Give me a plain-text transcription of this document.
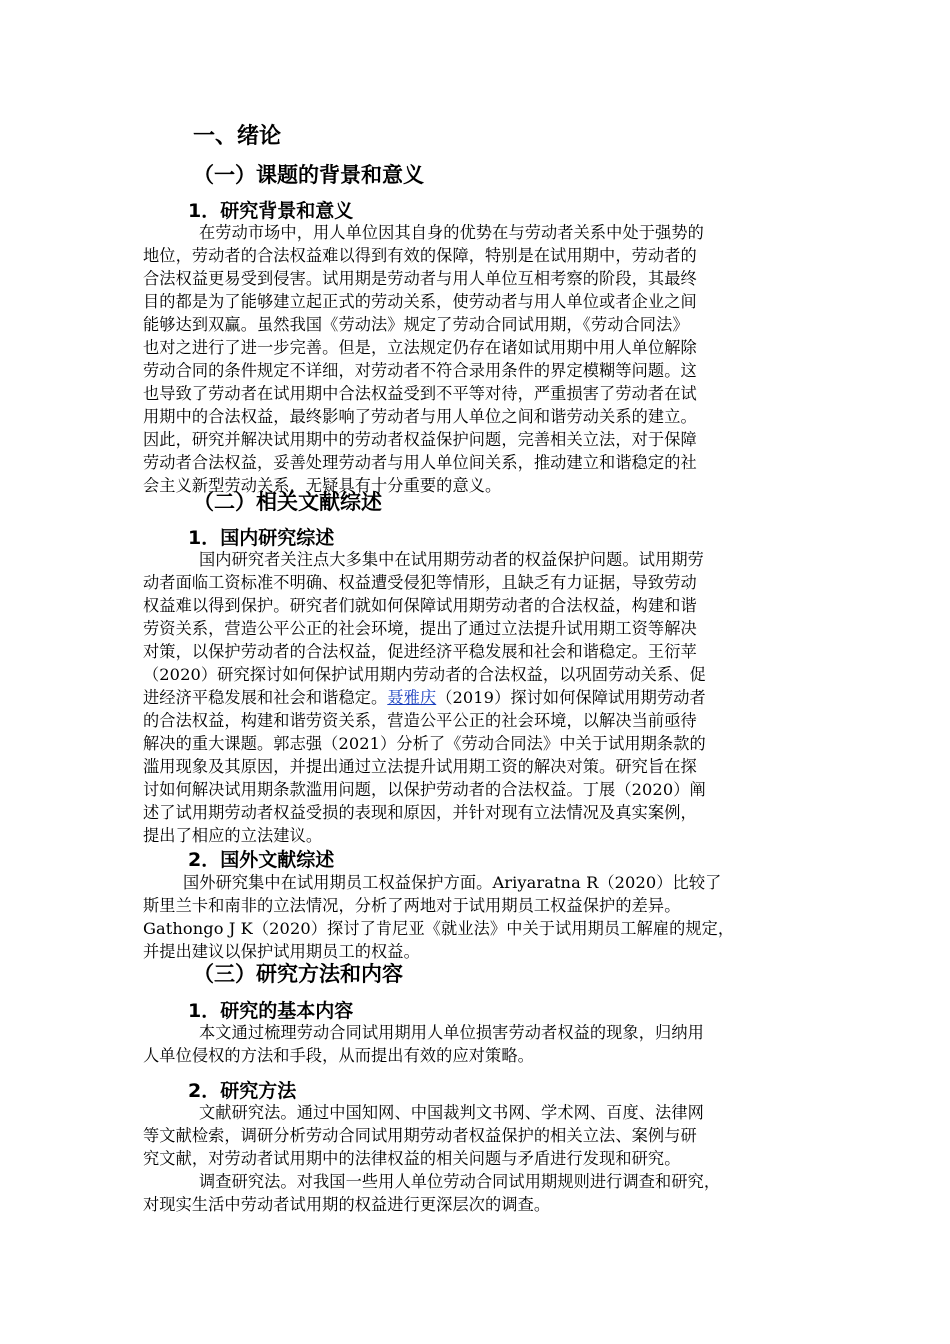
一、绪论
（一）课题的背景和意义
1．研究背景和意义
在劳动市场中，用人单位因其自身的优势在与劳动者关系中处于强势的
地位，劳动者的合法权益难以得到有效的保障，特别是在试用期中，劳动者的
合法权益更易受到侵害。试用期是劳动者与用人单位互相考察的阶段，其最终
目的都是为了能够建立起正式的劳动关系，使劳动者与用人单位或者企业之间
能够达到双赢。虽然我国《劳动法》规定了劳动合同试用期，《劳动合同法》
也对之进行了进一步完善。但是，立法规定仍存在诸如试用期中用人单位解除
劳动合同的条件规定不详细，对劳动者不符合录用条件的界定模糊等问题。这
也导致了劳动者在试用期中合法权益受到不平等对待，严重损害了劳动者在试
用期中的合法权益，最终影响了劳动者与用人单位之间和谐劳动关系的建立。
因此，研究并解决试用期中的劳动者权益保护问题，完善相关立法，对于保障
劳动者合法权益，妥善处理劳动者与用人单位间关系，推动建立和谐稳定的社
会主义新型劳动关系，无疑具有十分重要的意义。
（二）相关文献综述
1．国内研究综述
国内研究者关注点大多集中在试用期劳动者的权益保护问题。试用期劳
动者面临工资标准不明确、权益遭受侵犯等情形，且缺乏有力证据，导致劳动
权益难以得到保护。研究者们就如何保障试用期劳动者的合法权益，构建和谐
劳资关系，营造公平公正的社会环境，提出了通过立法提升试用期工资等解决
对策，以保护劳动者的合法权益，促进经济平稳发展和社会和谐稳定。王衍苹
（2020）研究探讨如何保护试用期内劳动者的合法权益，以巩固劳动关系、促
进经济平稳发展和社会和谐稳定。聂雅庆（2019）探讨如何保障试用期劳动者
的合法权益，构建和谐劳资关系，营造公平公正的社会环境，以解决当前亟待
解决的重大课题。郭志强（2021）分析了《劳动合同法》中关于试用期条款的
滥用现象及其原因，并提出通过立法提升试用期工资的解决对策。研究旨在探
讨如何解决试用期条款滥用问题，以保护劳动者的合法权益。丁展（2020）阐
述了试用期劳动者权益受损的表现和原因，并针对现有立法情况及真实案例，
提出了相应的立法建议。
2．国外文献综述
国外研究集中在试用期员工权益保护方面。Ariyaratna R（2020）比较了
斯里兰卡和南非的立法情况，分析了两地对于试用期员工权益保护的差异。
Gathongo J K（2020）探讨了肯尼亚《就业法》中关于试用期员工解雇的规定，
并提出建议以保护试用期员工的权益。
（三）研究方法和内容
1．研究的基本内容
本文通过梳理劳动合同试用期用人单位损害劳动者权益的现象，归纳用
人单位侵权的方法和手段，从而提出有效的应对策略。
2．研究方法
文献研究法。通过中国知网、中国裁判文书网、学术网、百度、法律网
等文献检索，调研分析劳动合同试用期劳动者权益保护的相关立法、案例与研
究文献，对劳动者试用期中的法律权益的相关问题与矛盾进行发现和研究。
调查研究法。对我国一些用人单位劳动合同试用期规则进行调查和研究，
对现实生活中劳动者试用期的权益进行更深层次的调查。
